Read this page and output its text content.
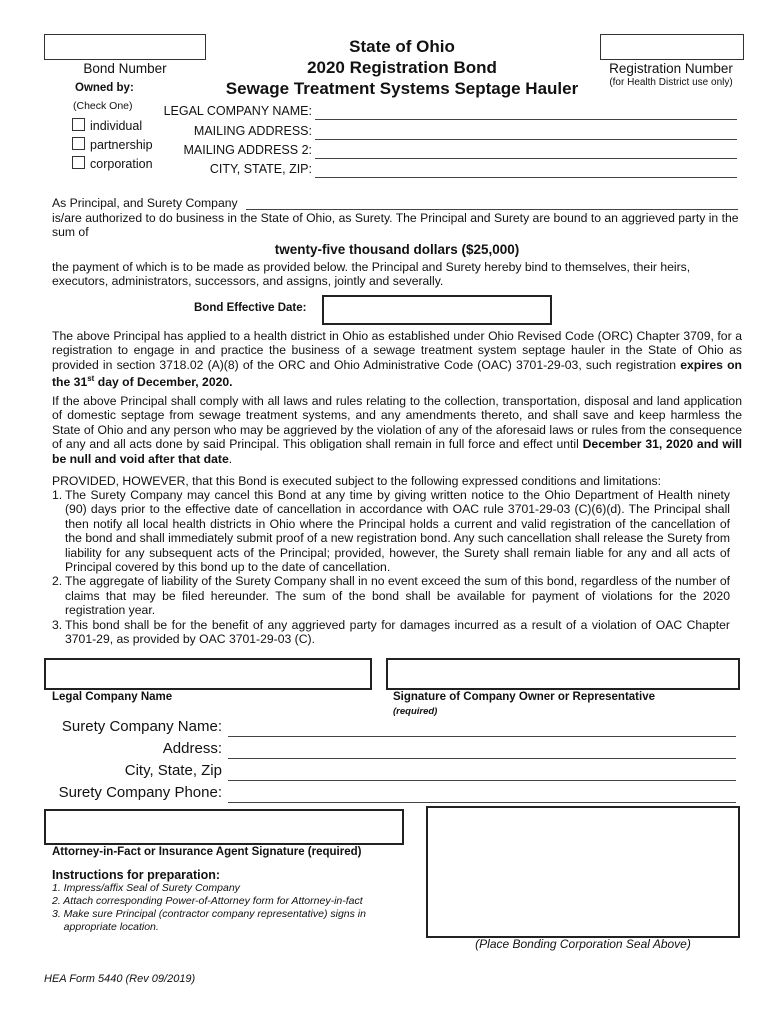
Bond Number	Registration Number
(for Health District use only)
State of Ohio
2020 Registration Bond
Sewage Treatment Systems Septage Hauler
Owned by:
(Check One)
individual
partnership
corporation
LEGAL COMPANY NAME:
MAILING ADDRESS:
MAILING ADDRESS 2:
CITY, STATE, ZIP:
As Principal, and Surety Company
is/are authorized to do business in the State of Ohio, as Surety. The Principal and Surety are bound to an aggrieved party in the sum of
twenty-five thousand dollars ($25,000)
the payment of which is to be made as provided below. the Principal and Surety hereby bind to themselves, their heirs, executors, administrators, successors, and assigns, jointly and severally.
Bond Effective Date:
The above Principal has applied to a health district in Ohio as established under Ohio Revised Code (ORC) Chapter 3709, for a registration to engage in and practice the business of a sewage treatment system septage hauler in the State of Ohio as provided in section 3718.02 (A)(8) of the ORC and Ohio Administrative Code (OAC) 3701-29-03, such registration expires on the 31st day of December, 2020.
If the above Principal shall comply with all laws and rules relating to the collection, transportation, disposal and land application of domestic septage from sewage treatment systems, and any amendments thereto, and shall save and keep harmless the State of Ohio and any person who may be aggrieved by the violation of any of the aforesaid laws or rules from the consequence of any and all acts done by said Principal. This obligation shall remain in full force and effect until December 31, 2020 and will be null and void after that date.
PROVIDED, HOWEVER, that this Bond is executed subject to the following expressed conditions and limitations:
1. The Surety Company may cancel this Bond at any time by giving written notice to the Ohio Department of Health ninety (90) days prior to the effective date of cancellation in accordance with OAC rule 3701-29-03 (C)(6)(d). The Principal shall then notify all local health districts in Ohio where the Principal holds a current and valid registration of the cancellation of the bond and shall immediately submit proof of a new registration bond. Any such cancellation shall release the Surety from liability for any subsequent acts of the Principal; provided, however, the Surety shall remain liable for any and all acts of Principal covered by this bond up to the date of cancellation.
2. The aggregate of liability of the Surety Company shall in no event exceed the sum of this bond, regardless of the number of claims that may be filed hereunder. The sum of the bond shall be available for payment of violations for the 2020 registration year.
3. This bond shall be for the benefit of any aggrieved party for damages incurred as a result of a violation of OAC Chapter 3701-29, as provided by OAC 3701-29-03 (C).
Legal Company Name	Signature of Company Owner or Representative
(required)
Surety Company Name:
Address:
City, State, Zip
Surety Company Phone:
Attorney-in-Fact or Insurance Agent Signature (required)
(Place Bonding Corporation Seal Above)
Instructions for preparation:
1. Impress/affix Seal of Surety Company
2. Attach corresponding Power-of-Attorney form for Attorney-in-fact
3. Make sure Principal (contractor company representative) signs in
appropriate location.
HEA Form 5440 (Rev 09/2019)
